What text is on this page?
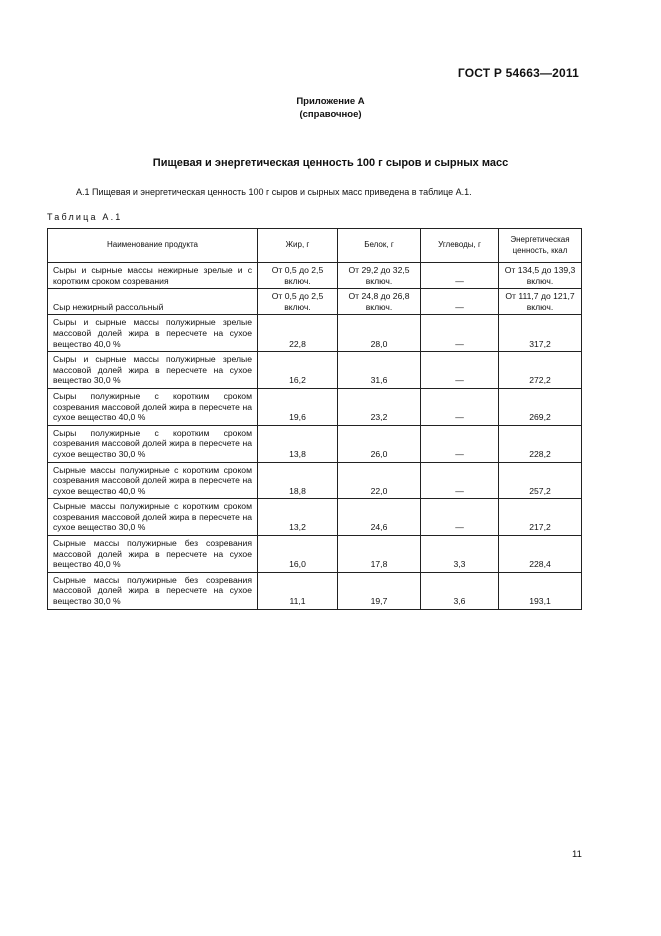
ГОСТ Р 54663—2011
Приложение А
(справочное)
Пищевая и энергетическая ценность 100 г сыров и сырных масс
А.1 Пищевая и энергетическая ценность 100 г сыров и сырных масс приведена в таблице А.1.
Таблица А.1
Наименование продукта	Жир, г	Белок, г	Углеводы, г	Энергетическая ценность, ккал
Сыры и сырные массы нежирные зрелые и с коротким сроком созревания	От 0,5 до 2,5 включ.	От 29,2 до 32,5 включ.	—	От 134,5 до 139,3 включ.
Сыр нежирный рассольный	От 0,5 до 2,5 включ.	От 24,8 до 26,8 включ.	—	От 111,7 до 121,7 включ.
Сыры и сырные массы полужирные зрелые массовой долей жира в пересчете на сухое вещество 40,0 %	22,8	28,0	—	317,2
Сыры и сырные массы полужирные зрелые массовой долей жира в пересчете на сухое вещество 30,0 %	16,2	31,6	—	272,2
Сыры полужирные с коротким сроком созревания массовой долей жира в пересчете на сухое вещество 40,0 %	19,6	23,2	—	269,2
Сыры полужирные с коротким сроком созревания массовой долей жира в пересчете на сухое вещество 30,0 %	13,8	26,0	—	228,2
Сырные массы полужирные с коротким сроком созревания массовой долей жира в пересчете на сухое вещество 40,0 %	18,8	22,0	—	257,2
Сырные массы полужирные с коротким сроком созревания массовой долей жира в пересчете на сухое вещество 30,0 %	13,2	24,6	—	217,2
Сырные массы полужирные без созревания массовой долей жира в пересчете на сухое вещество 40,0 %	16,0	17,8	3,3	228,4
Сырные массы полужирные без созревания массовой долей жира в пересчете на сухое вещество 30,0 %	11,1	19,7	3,6	193,1
11
